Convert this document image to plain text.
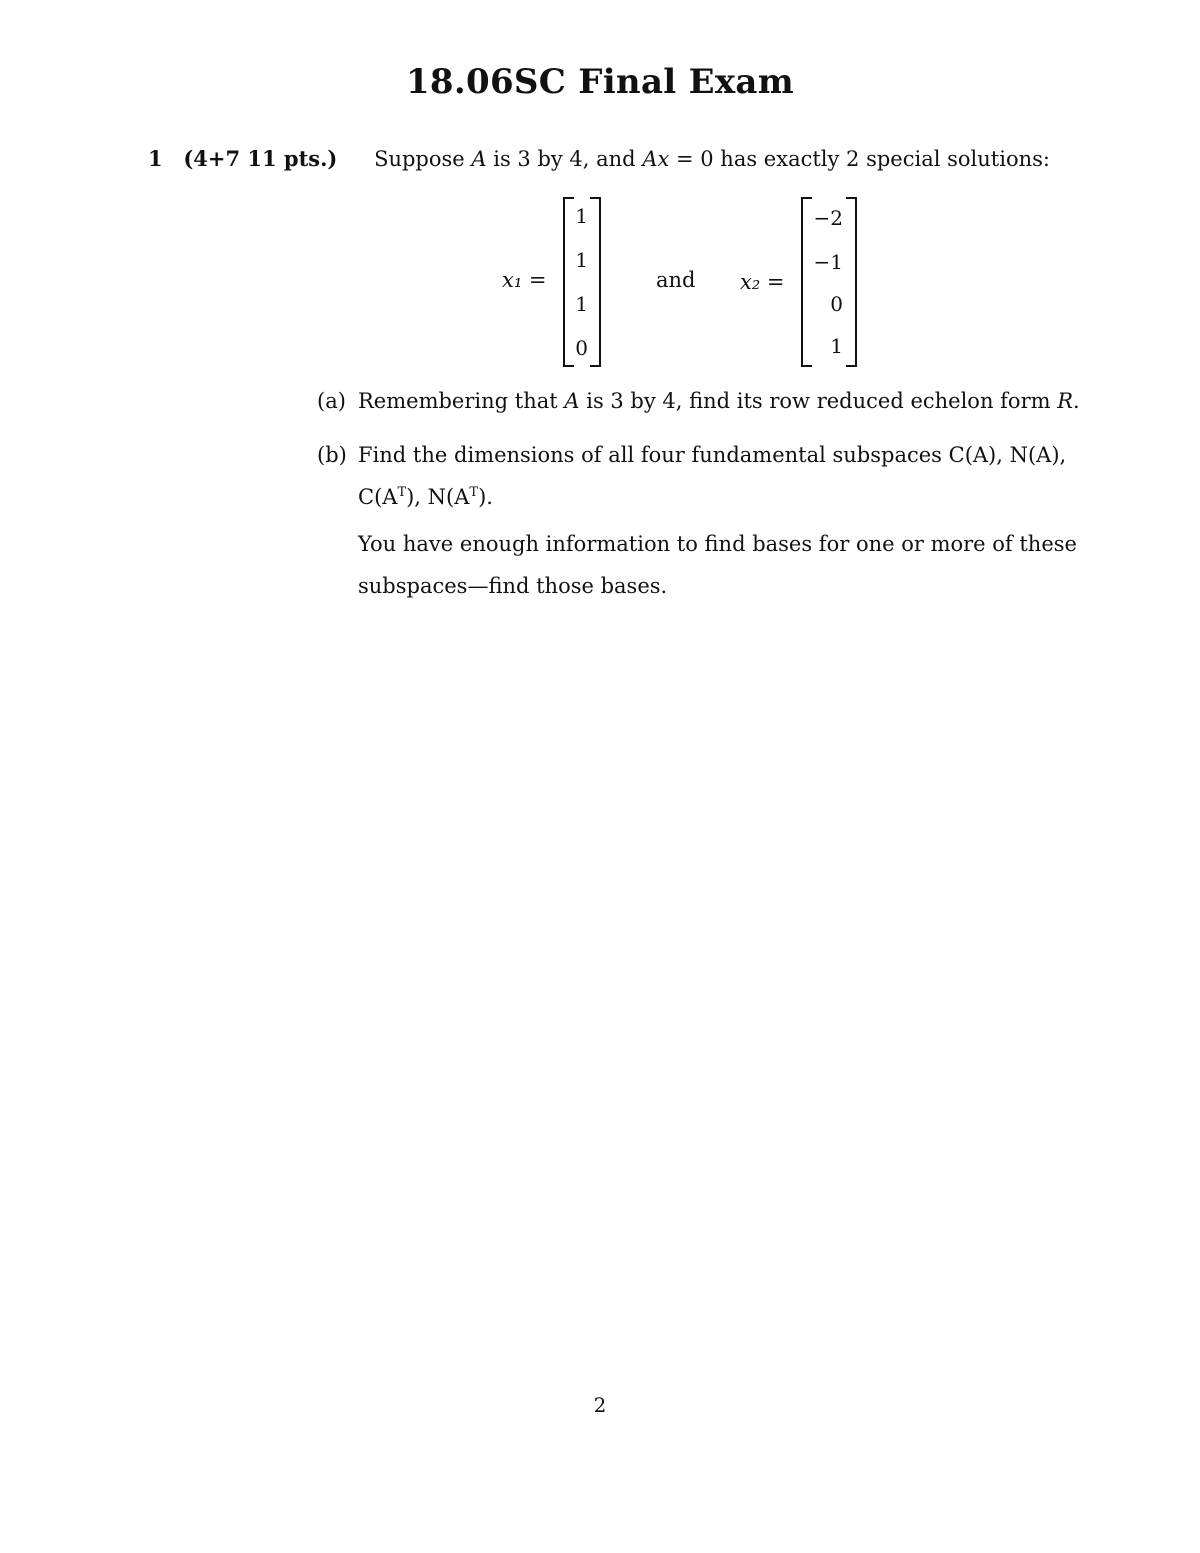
18.06SC Final Exam
1 (4+7 11 pts.) Suppose A is 3 by 4, and Ax = 0 has exactly 2 special solutions:
x₁ =
1
1
1
0
and x₂ =
−2
−1
0
1
(a) Remembering that A is 3 by 4, find its row reduced echelon form R.
(b) Find the dimensions of all four fundamental subspaces C(A), N(A),
$C(A^T)$, $N(A^T)$.
You have enough information to find bases for one or more of these
subspaces—find those bases.
2
